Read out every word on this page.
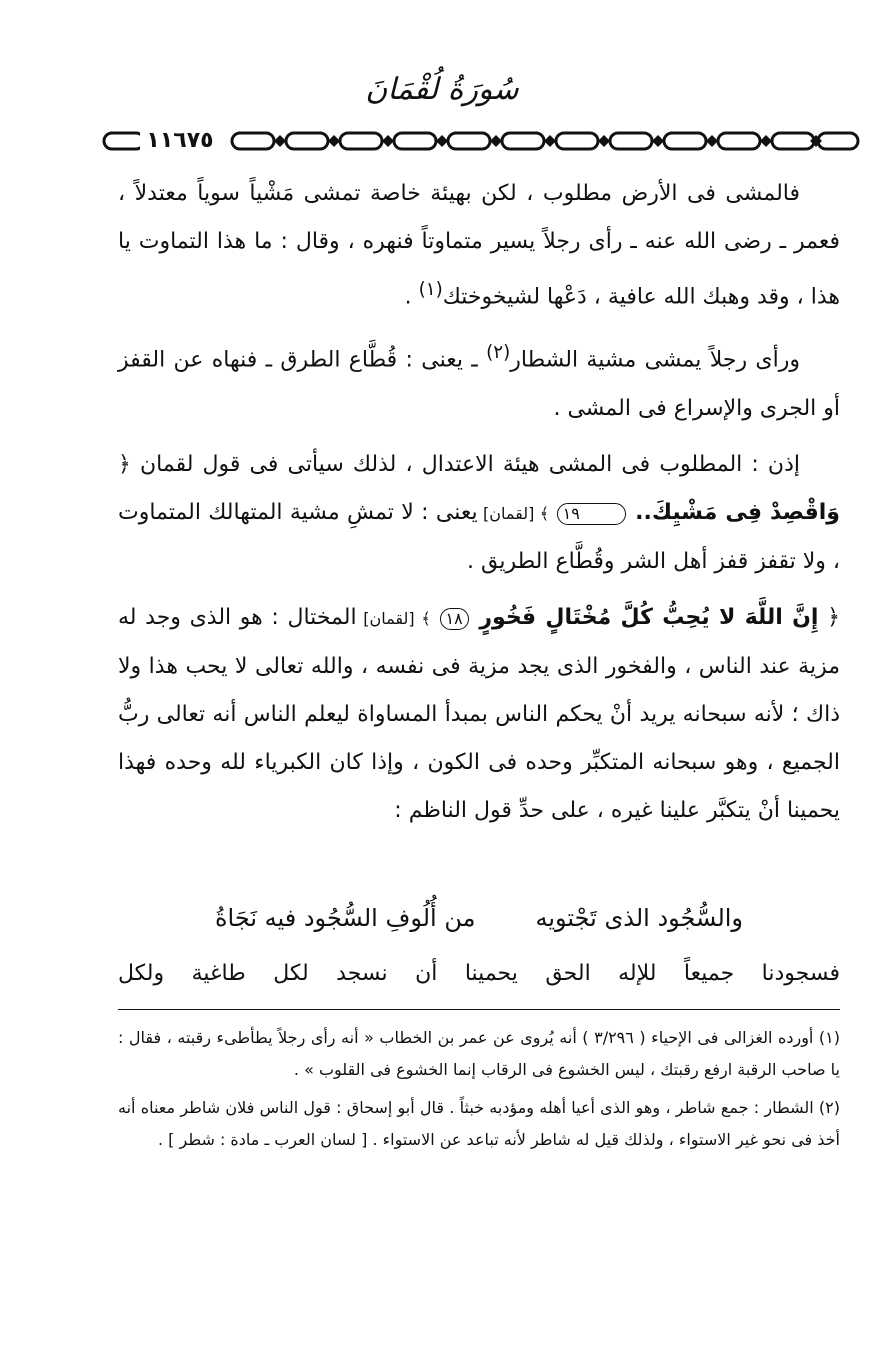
سُورَةُ لُقْمَانَ
١١٦٧٥

فالمشى فى الأرض مطلوب ، لكن بهيئة خاصة تمشى مَشْياً سوياً معتدلاً ، فعمر ـ رضى الله عنه ـ رأى رجلاً يسير متماوتاً فنهره ، وقال : ما هذا التماوت يا هذا ، وقد وهبك الله عافية ، دَعْها لشيخوختك$^{(١)}$ .

ورأى رجلاً يمشى مشية الشطار$^{(٢)}$ ـ يعنى : قُطَّاع الطرق ـ فنهاه عن القفز أو الجرى والإسراع فى المشى .

إذن : المطلوب فى المشى هيئة الاعتدال ، لذلك سيأتى فى قول لقمان ﴿ وَاقْصِدْ فِى مَشْيِكَ.. ١٩ ﴾ [لقمان] يعنى : لا تمشِ مشية المتهالك المتماوت ، ولا تقفز قفز أهل الشر وقُطَّاع الطريق .

﴿ إِنَّ اللَّهَ لا يُحِبُّ كُلَّ مُخْتَالٍ فَخُورٍ ١٨ ﴾ [لقمان] المختال : هو الذى وجد له مزية عند الناس ، والفخور الذى يجد مزية فى نفسه ، والله تعالى لا يحب هذا ولا ذاك ؛ لأنه سبحانه يريد أنْ يحكم الناس بمبدأ المساواة ليعلم الناس أنه تعالى ربُّ الجميع ، وهو سبحانه المتكبِّر وحده فى الكون ، وإذا كان الكبرياء لله وحده فهذا يحمينا أنْ يتكبَّر علينا غيره ، على حدِّ قول الناظم :

والسُّجُود الذى تَجْتويه
من أُلُوفِ السُّجُود فيه نَجَاةُ
فسجودنا جميعاً للإله الحق يحمينا أن نسجد لكل طاغية ولكل

(١) أورده الغزالى فى الإحياء ( ٣/٢٩٦ ) أنه يُروى عن عمر بن الخطاب « أنه رأى رجلاً يطأطىء رقبته ، فقال : يا صاحب الرقبة ارفع رقبتك ، ليس الخشوع فى الرقاب إنما الخشوع فى القلوب » .

(٢) الشطار : جمع شاطر ، وهو الذى أعيا أهله ومؤدبه خبثاً . قال أبو إسحاق : قول الناس فلان شاطر معناه أنه أخذ فى نحو غير الاستواء ، ولذلك قيل له شاطر لأنه تباعد عن الاستواء . [ لسان العرب ـ مادة : شطر ] .
